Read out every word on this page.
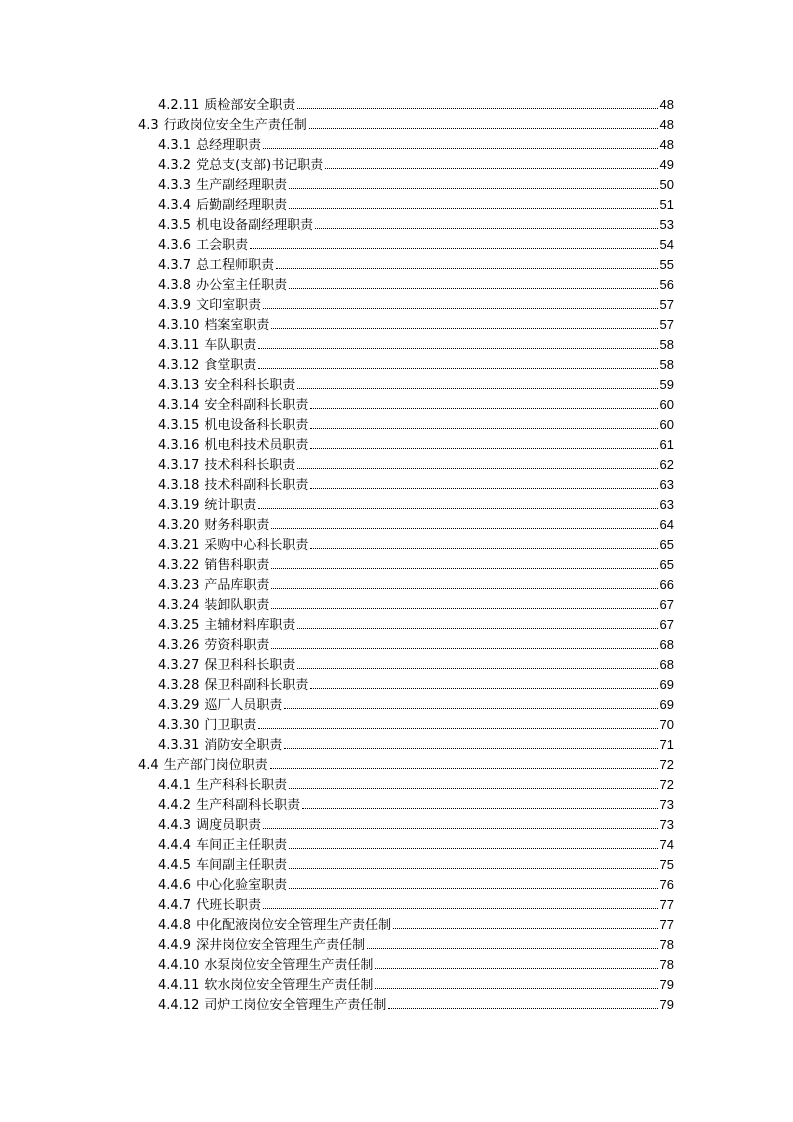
4.2.11 质检部安全职责	48
4.3 行政岗位安全生产责任制	48
4.3.1 总经理职责	48
4.3.2 党总支(支部)书记职责	49
4.3.3 生产副经理职责	50
4.3.4 后勤副经理职责	51
4.3.5 机电设备副经理职责	53
4.3.6 工会职责	54
4.3.7 总工程师职责	55
4.3.8 办公室主任职责	56
4.3.9 文印室职责	57
4.3.10 档案室职责	57
4.3.11 车队职责	58
4.3.12 食堂职责	58
4.3.13 安全科科长职责	59
4.3.14 安全科副科长职责	60
4.3.15 机电设备科长职责	60
4.3.16 机电科技术员职责	61
4.3.17 技术科科长职责	62
4.3.18 技术科副科长职责	63
4.3.19 统计职责	63
4.3.20 财务科职责	64
4.3.21 采购中心科长职责	65
4.3.22 销售科职责	65
4.3.23 产品库职责	66
4.3.24 装卸队职责	67
4.3.25 主辅材料库职责	67
4.3.26 劳资科职责	68
4.3.27 保卫科科长职责	68
4.3.28 保卫科副科长职责	69
4.3.29 巡厂人员职责	69
4.3.30 门卫职责	70
4.3.31 消防安全职责	71
4.4 生产部门岗位职责	72
4.4.1 生产科科长职责	72
4.4.2 生产科副科长职责	73
4.4.3 调度员职责	73
4.4.4 车间正主任职责	74
4.4.5 车间副主任职责	75
4.4.6 中心化验室职责	76
4.4.7 代班长职责	77
4.4.8 中化配液岗位安全管理生产责任制	77
4.4.9 深井岗位安全管理生产责任制	78
4.4.10 水泵岗位安全管理生产责任制	78
4.4.11 软水岗位安全管理生产责任制	79
4.4.12 司炉工岗位安全管理生产责任制	79
